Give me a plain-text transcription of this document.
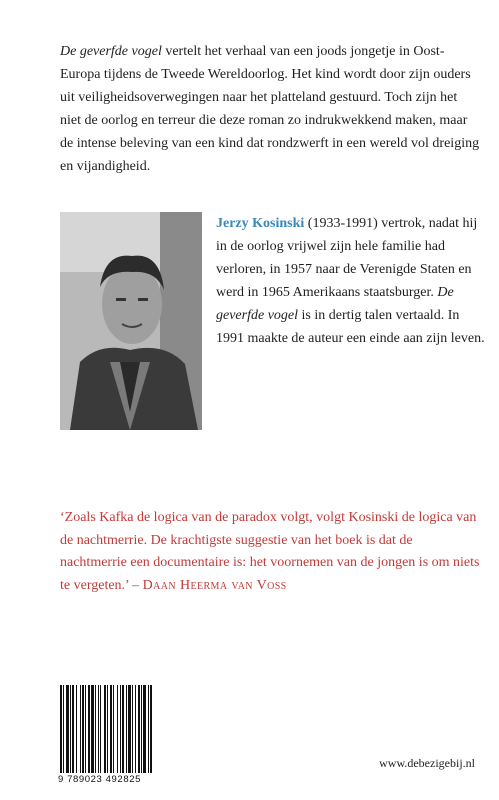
De geverfde vogel vertelt het verhaal van een joods jongetje in Oost-Europa tijdens de Tweede Wereldoorlog. Het kind wordt door zijn ouders uit veiligheidsoverwegingen naar het platteland gestuurd. Toch zijn het niet de oorlog en terreur die deze roman zo indrukwekkend maken, maar de intense beleving van een kind dat rondzwerft in een wereld vol dreiging en vijandigheid.

Jerzy Kosinski (1933-1991) vertrok, nadat hij in de oorlog vrijwel zijn hele familie had verloren, in 1957 naar de Verenigde Staten en werd in 1965 Amerikaans staatsburger. De geverfde vogel is in dertig talen vertaald. In 1991 maakte de auteur een einde aan zijn leven.

‘Zoals Kafka de logica van de paradox volgt, volgt Kosinski de logica van de nachtmerrie. De krachtigste suggestie van het boek is dat de nachtmerrie een documentaire is: het voornemen van de jongen is om niets te vergeten.’ – Daan Heerma van Voss

9 789023 492825
www.debezigebij.nl
